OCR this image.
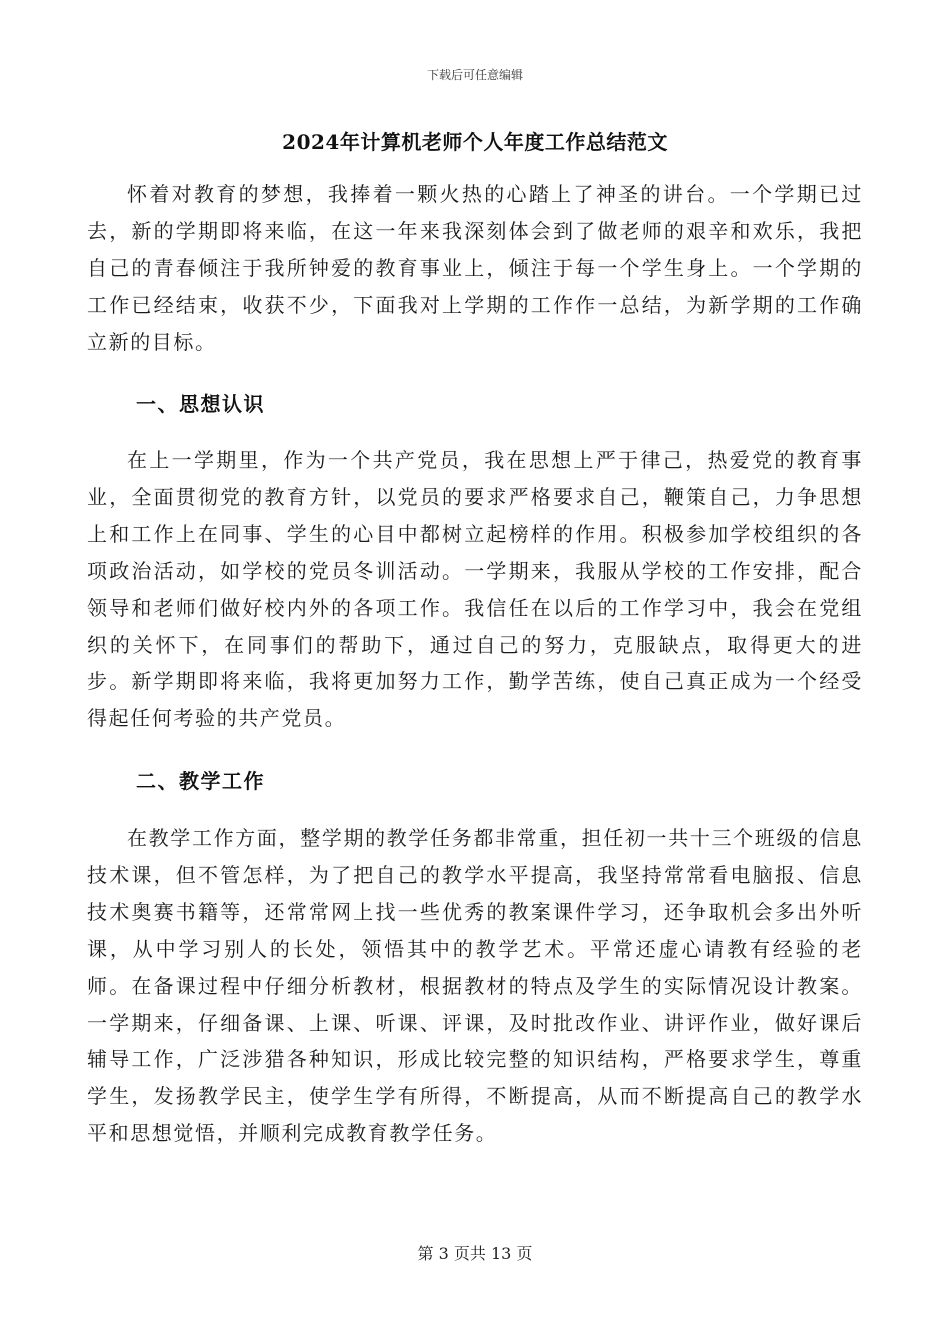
下载后可任意编辑
2024年计算机老师个人年度工作总结范文

怀着对教育的梦想，我捧着一颗火热的心踏上了神圣的讲台。一个学期已过去，新的学期即将来临，在这一年来我深刻体会到了做老师的艰辛和欢乐，我把自己的青春倾注于我所钟爱的教育事业上，倾注于每一个学生身上。一个学期的工作已经结束，收获不少，下面我对上学期的工作作一总结，为新学期的工作确立新的目标。

一、思想认识

在上一学期里，作为一个共产党员，我在思想上严于律己，热爱党的教育事业，全面贯彻党的教育方针，以党员的要求严格要求自己，鞭策自己，力争思想上和工作上在同事、学生的心目中都树立起榜样的作用。积极参加学校组织的各项政治活动，如学校的党员冬训活动。一学期来，我服从学校的工作安排，配合领导和老师们做好校内外的各项工作。我信任在以后的工作学习中，我会在党组织的关怀下，在同事们的帮助下，通过自己的努力，克服缺点，取得更大的进步。新学期即将来临，我将更加努力工作，勤学苦练，使自己真正成为一个经受得起任何考验的共产党员。

二、教学工作

在教学工作方面，整学期的教学任务都非常重，担任初一共十三个班级的信息技术课，但不管怎样，为了把自己的教学水平提高，我坚持常常看电脑报、信息技术奥赛书籍等，还常常网上找一些优秀的教案课件学习，还争取机会多出外听课，从中学习别人的长处，领悟其中的教学艺术。平常还虚心请教有经验的老师。在备课过程中仔细分析教材，根据教材的特点及学生的实际情况设计教案。一学期来，仔细备课、上课、听课、评课，及时批改作业、讲评作业，做好课后辅导工作，广泛涉猎各种知识，形成比较完整的知识结构，严格要求学生，尊重学生，发扬教学民主，使学生学有所得，不断提高，从而不断提高自己的教学水平和思想觉悟，并顺利完成教育教学任务。

第 3 页共 13 页
